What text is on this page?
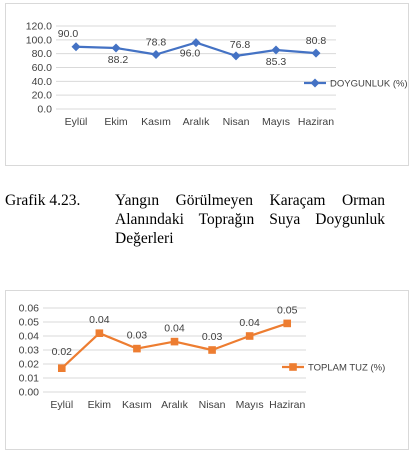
0.0
20.0
40.0
60.0
80.0
100.0
120.0
Eylül Ekim Kasım Aralık Nisan Mayıs Haziran
90.0
88.2
78.8
96.0
76.8
85.3
80.8
DOYGUNLUK (%)
Grafik 4.23. Yangın Görülmeyen Karaçam Orman Alanındaki Toprağın Suya Doygunluk Değerleri
0.00
0.01
0.02
0.03
0.04
0.05
0.06
Eylül Ekim Kasım Aralık Nisan Mayıs Haziran
0.02
0.04
0.03
0.04
0.03
0.04
0.05
TOPLAM TUZ (%)
